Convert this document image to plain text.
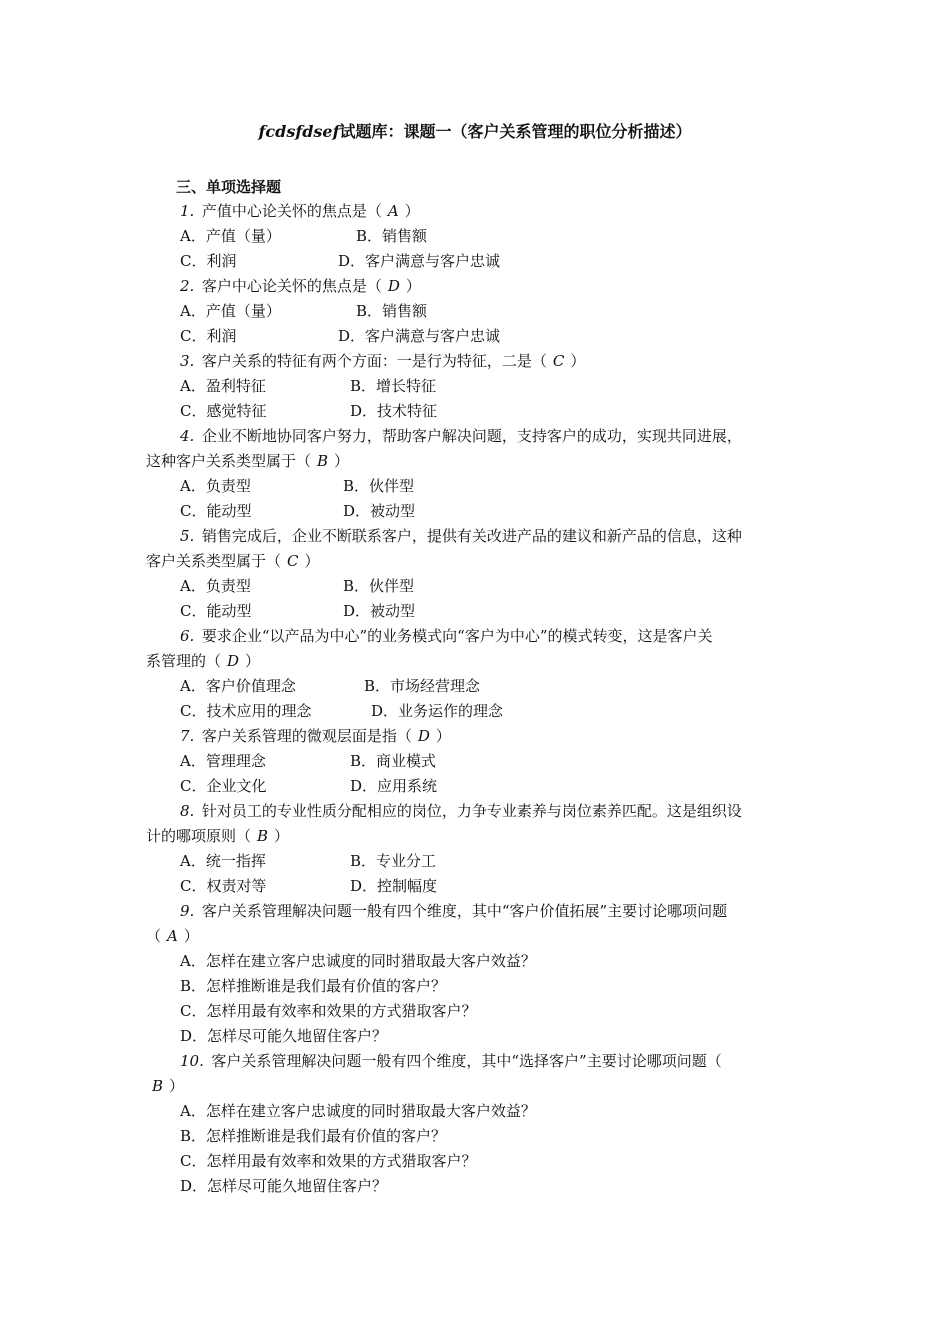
fcdsfdsef试题库：课题一（客户关系管理的职位分析描述）
三、单项选择题
1.  产值中心论关怀的焦点是（ A ）
A．产值（量）	B．销售额
C．利润	D．客户满意与客户忠诚
2.  客户中心论关怀的焦点是（ D ）
A．产值（量）	B．销售额
C．利润	D．客户满意与客户忠诚
3.  客户关系的特征有两个方面：一是行为特征，二是（ C ）
A．盈利特征	B．增长特征
C．感觉特征	D．技术特征
4.  企业不断地协同客户努力，帮助客户解决问题，支持客户的成功，实现共同进展，
这种客户关系类型属于（ B ）
A．负责型	B．伙伴型
C．能动型	D．被动型
5.  销售完成后，企业不断联系客户，提供有关改进产品的建议和新产品的信息，这种
客户关系类型属于（ C ）
A．负责型	B．伙伴型
C．能动型	D．被动型
6.  要求企业“以产品为中心”的业务模式向“客户为中心”的模式转变，这是客户关
系管理的（ D ）
A．客户价值理念	B．市场经营理念
C．技术应用的理念	D．业务运作的理念
7.  客户关系管理的微观层面是指（ D ）
A．管理理念	B．商业模式
C．企业文化	D．应用系统
8.  针对员工的专业性质分配相应的岗位，力争专业素养与岗位素养匹配。这是组织设
计的哪项原则（ B ）
A．统一指挥	B．专业分工
C．权责对等	D．控制幅度
9.  客户关系管理解决问题一般有四个维度，其中“客户价值拓展”主要讨论哪项问题
（ A ）
A．怎样在建立客户忠诚度的同时猎取最大客户效益？
B．怎样推断谁是我们最有价值的客户？
C．怎样用最有效率和效果的方式猎取客户？
D．怎样尽可能久地留住客户？
10.  客户关系管理解决问题一般有四个维度，其中“选择客户”主要讨论哪项问题（
B ）
A．怎样在建立客户忠诚度的同时猎取最大客户效益？
B．怎样推断谁是我们最有价值的客户？
C．怎样用最有效率和效果的方式猎取客户？
D．怎样尽可能久地留住客户？
